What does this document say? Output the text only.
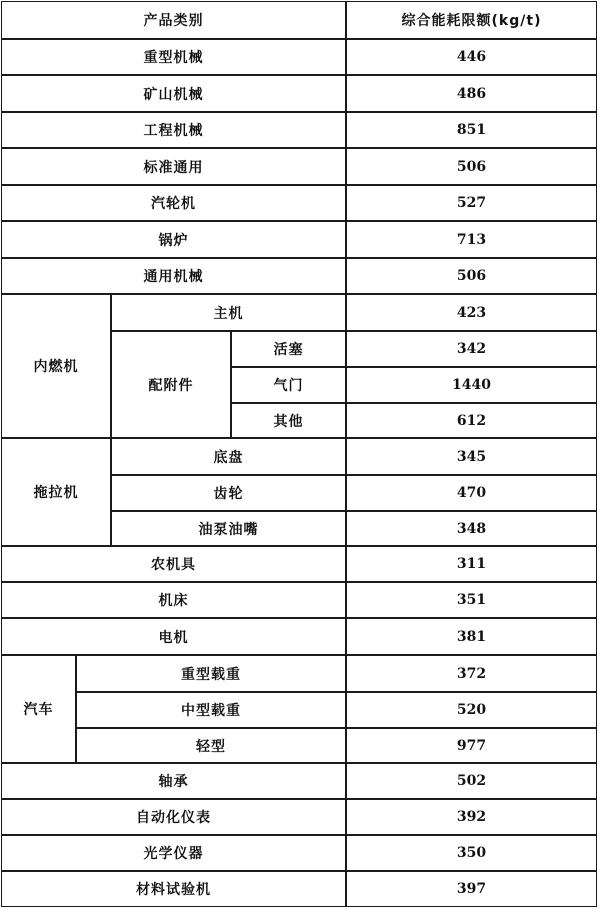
产品类别	综合能耗限额(kg/t)
重型机械	446
矿山机械	486
工程机械	851
标准通用	506
汽轮机	527
锅炉	713
通用机械	506
内燃机
主机	423
配附件
活塞	342
气门	1440
其他	612
拖拉机
底盘	345
齿轮	470
油泵油嘴	348
农机具	311
机床	351
电机	381
汽车
重型载重	372
中型载重	520
轻型	977
轴承	502
自动化仪表	392
光学仪器	350
材料试验机	397
